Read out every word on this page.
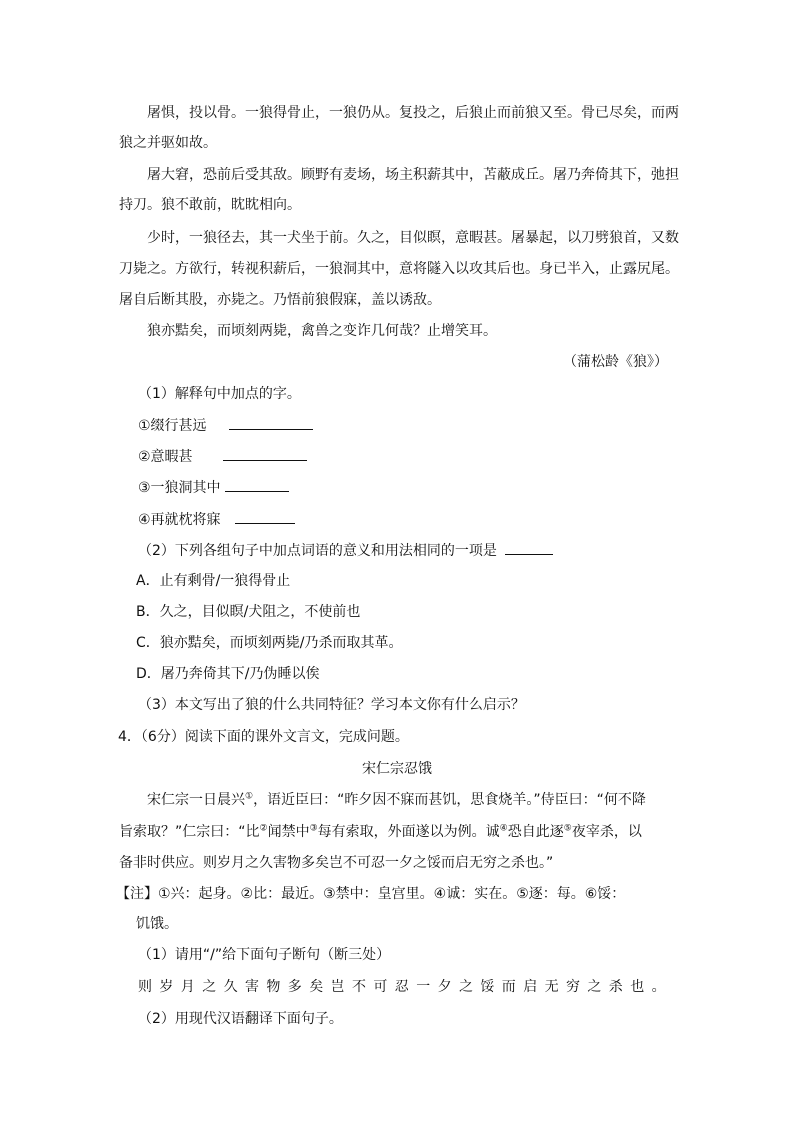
屠惧，投以骨。一狼得骨止，一狼仍从。复投之，后狼止而前狼又至。骨已尽矣，而两
狼之并驱如故。
屠大窘，恐前后受其敌。顾野有麦场，场主积薪其中，苫蔽成丘。屠乃奔倚其下，弛担
持刀。狼不敢前，眈眈相向。
少时，一狼径去，其一犬坐于前。久之，目似瞑，意暇甚。屠暴起，以刀劈狼首，又数
刀毙之。方欲行，转视积薪后，一狼洞其中，意将隧入以攻其后也。身已半入，止露尻尾。
屠自后断其股，亦毙之。乃悟前狼假寐，盖以诱敌。
狼亦黠矣，而顷刻两毙，禽兽之变诈几何哉？止增笑耳。
（蒲松龄《狼》）
（1）解释句中加点的字。
①缀行甚远
②意暇甚
③一狼洞其中
④再就枕将寐
（2）下列各组句子中加点词语的意义和用法相同的一项是
A．止有剩骨/一狼得骨止
B．久之，目似瞑/犬阻之，不使前也
C．狼亦黠矣，而顷刻两毙/乃杀而取其革。
D．屠乃奔倚其下/乃伪睡以俟
（3）本文写出了狼的什么共同特征？学习本文你有什么启示？
4．（6分）阅读下面的课外文言文，完成问题。
宋仁宗忍饿
宋仁宗一日晨兴①，语近臣曰：“昨夕因不寐而甚饥，思食烧羊。”侍臣曰：“何不降
旨索取？”仁宗曰：“比②闻禁中③每有索取，外面遂以为例。诚④恐自此逐⑤夜宰杀，以
备非时供应。则岁月之久害物多矣岂不可忍一夕之馁而启无穷之杀也。”
【注】①兴：起身。②比：最近。③禁中：皇宫里。④诚：实在。⑤逐：每。⑥馁：
饥饿。
（1）请用“/”给下面句子断句（断三处）
则岁月之久害物多矣岂不可忍一夕之馁而启无穷之杀也。
（2）用现代汉语翻译下面句子。
